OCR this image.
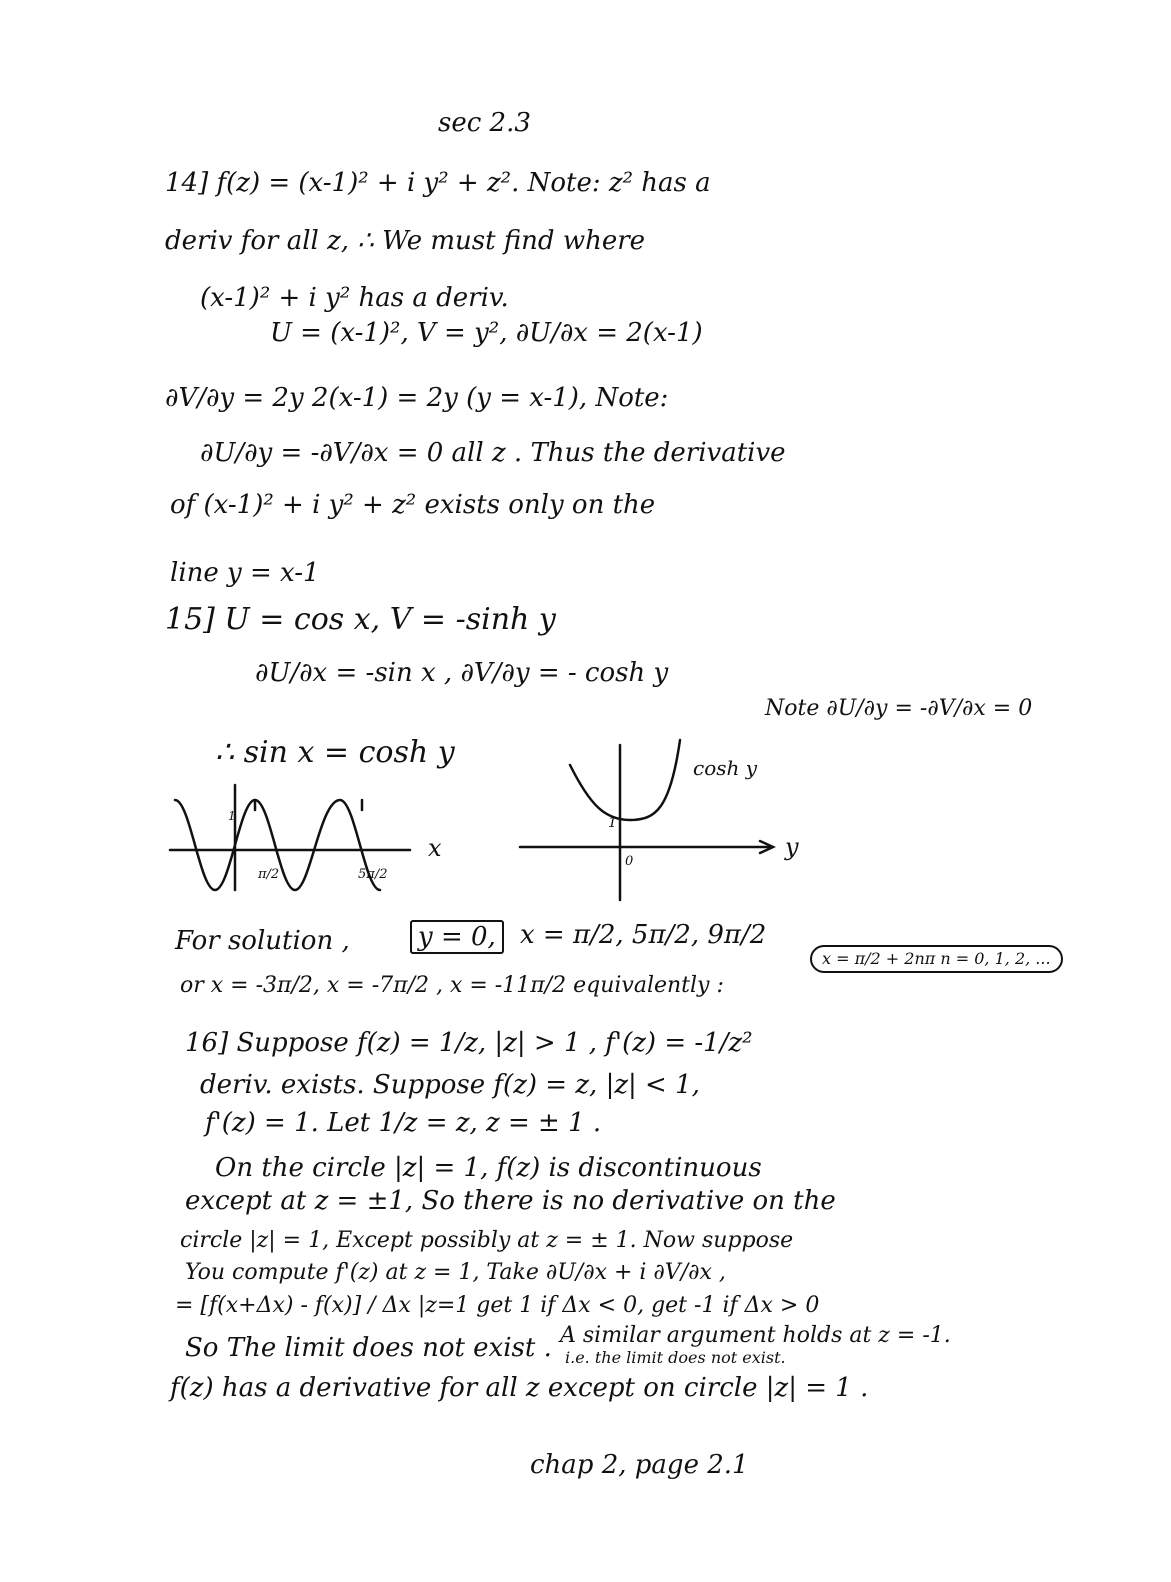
sec 2.3
14] f(z) = (x-1)² + i y² + z². Note: z² has a
deriv for all z, ∴ We must find where
(x-1)² + i y² has a deriv.
U = (x-1)², V = y², ∂U/∂x = 2(x-1)
∂V/∂y = 2y 2(x-1) = 2y (y = x-1), Note:
∂U/∂y = -∂V/∂x = 0 all z . Thus the derivative
of (x-1)² + i y² + z² exists only on the
line y = x-1
15] U = cos x, V = -sinh y
∂U/∂x = -sin x , ∂V/∂y = - cosh y
Note ∂U/∂y = -∂V/∂x = 0
∴ sin x = cosh y
x
π/2	5π/2
1
cosh y
1
0
y
For solution ,	y = 0, x = π/2, 5π/2, 9π/2
or x = -3π/2, x = -7π/2 , x = -11π/2 equivalently :
x = π/2 + 2nπ n = 0, 1, 2, ...
16] Suppose f(z) = 1/z, |z| > 1 , f'(z) = -1/z²
deriv. exists. Suppose f(z) = z, |z| < 1,
f'(z) = 1. Let 1/z = z, z = ± 1 .
On the circle |z| = 1, f(z) is discontinuous
except at z = ±1, So there is no derivative on the
circle |z| = 1, Except possibly at z = ± 1. Now suppose
You compute f'(z) at z = 1, Take ∂U/∂x + i ∂V/∂x ,
= [f(x+Δx) - f(x)] / Δx |z=1 get 1 if Δx < 0, get -1 if Δx > 0
So The limit does not exist . A similar argument holds at z = -1.
i.e. the limit does not exist.
f(z) has a derivative for all z except on circle |z| = 1 .
chap 2, page 2.1
